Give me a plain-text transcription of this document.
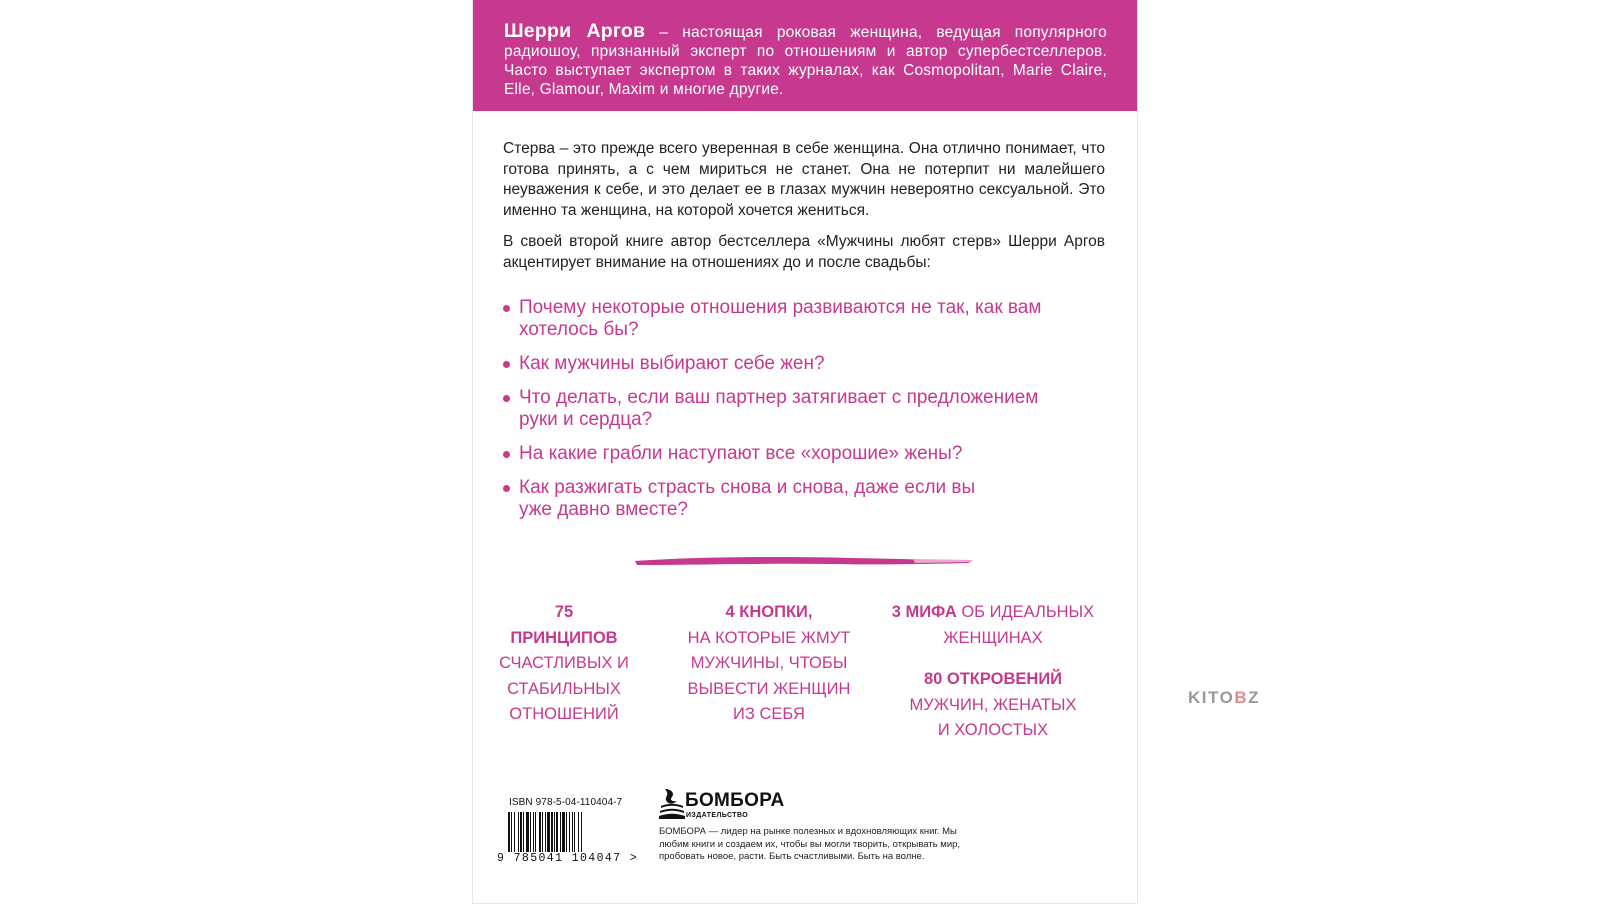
Шерри Аргов – настоящая роковая женщина, ведущая популярного радиошоу, признанный эксперт по отношениям и автор супербестселлеров. Часто выступает экспертом в таких журналах, как Cosmopolitan, Marie Claire, Elle, Glamour, Maxim и многие другие.

Стерва – это прежде всего уверенная в себе женщина. Она отлично понимает, что готова принять, а с чем мириться не станет. Она не потерпит ни малейшего неуважения к себе, и это делает ее в глазах мужчин невероятно сексуальной. Это именно та женщина, на которой хочется жениться.

В своей второй книге автор бестселлера «Мужчины любят стерв» Шерри Аргов акцентирует внимание на отношениях до и после свадьбы:

Почему некоторые отношения развиваются не так, как вам хотелось бы?
Как мужчины выбирают себе жен?
Что делать, если ваш партнер затягивает с предложением руки и сердца?
На какие грабли наступают все «хорошие» жены?
Как разжигать страсть снова и снова, даже если вы уже давно вместе?
75 ПРИНЦИПОВ
СЧАСТЛИВЫХ И СТАБИЛЬНЫХ ОТНОШЕНИЙ
4 КНОПКИ,
НА КОТОРЫЕ ЖМУТ МУЖЧИНЫ, ЧТОБЫ ВЫВЕСТИ ЖЕНЩИН ИЗ СЕБЯ
3 МИФА ОБ ИДЕАЛЬНЫХ ЖЕНЩИНАХ
80 ОТКРОВЕНИЙ
МУЖЧИН, ЖЕНАТЫХ И ХОЛОСТЫХ
ISBN 978-5-04-110404-7
9 785041 104047 >
БОМБОРА
ИЗДАТЕЛЬСТВО
БОМБОРА — лидер на рынке полезных и вдохновляющих книг. Мы любим книги и создаем их, чтобы вы могли творить, открывать мир, пробовать новое, расти. Быть счастливыми. Быть на волне.
KITOBZ
